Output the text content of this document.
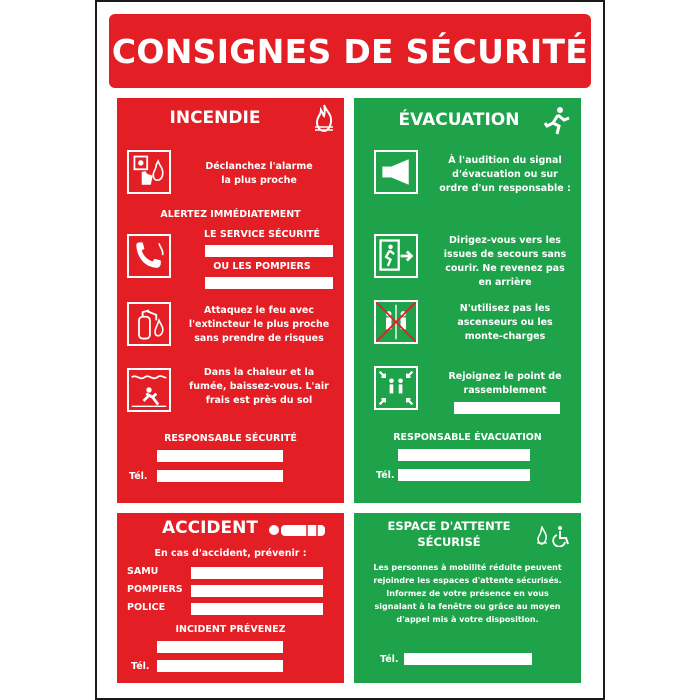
CONSIGNES DE SÉCURITÉ
INCENDIE
Déclanchez l'alarme
la plus proche
ALERTEZ IMMÉDIATEMENT
LE SERVICE SÉCURITÉ
OU LES POMPIERS
Attaquez le feu avec
l'extincteur le plus proche
sans prendre de risques
Dans la chaleur et la
fumée, baissez-vous. L'air
frais est près du sol
RESPONSABLE SÉCURITÉ
Tél.
ÉVACUATION
À l'audition du signal
d'évacuation ou sur
ordre d'un responsable :
Dirigez-vous vers les
issues de secours sans
courir. Ne revenez pas
en arrière
N'utilisez pas les
ascenseurs ou les
monte-charges
Rejoignez le point de
rassemblement
RESPONSABLE ÉVACUATION
Tél.
ACCIDENT
En cas d'accident, prévenir :
SAMU
POMPIERS
POLICE
INCIDENT PRÉVENEZ
Tél.
ESPACE D'ATTENTE
SÉCURISÉ
Les personnes à mobilité réduite peuvent
rejoindre les espaces d'attente sécurisés.
Informez de votre présence en vous
signalant à la fenêtre ou grâce au moyen
d'appel mis à votre disposition.
Tél.
